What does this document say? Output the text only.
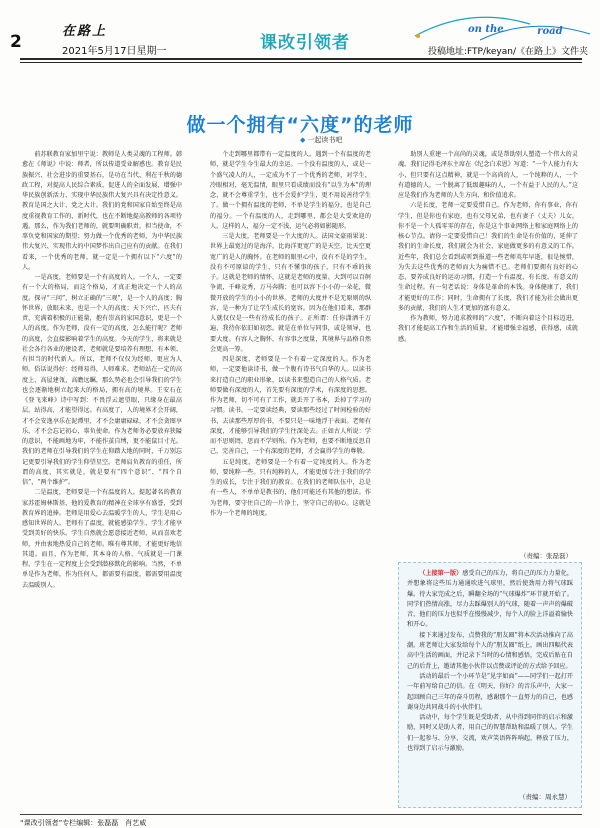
2
在路上
2021年5月17日星期一	课改引领者
on the	road
投稿地址:FTP/keyan/《在路上》文件夹
做一个拥有“六度”的老师
◆ 一起读书吧

前苏联教育家加里宁说：教师是人类灵魂的工程师。韩愈在《师说》中说：师者，所以传道受业解惑也。教育是民族振兴、社会进步的重要基石，是功在当代、利在千秋的德政工程，对提高人民综合素质、促进人的全面发展、增强中华民族创新活力、实现中华民族伟大复兴具有决定性意义。教育是国之大计、党之大计。我们的党和国家自始至终是高度重视教育工作的，新时代，也在不断地提高教师的各项待遇。那么，作为我们老师的，就要明确职责，担当使命，不辜负党和国家的期望；努力做一个优秀的老师，为中华民族伟大复兴、实现伟大的中国梦作出自己应有的贡献。在我们看来，一个优秀的老师，就一定是一个拥有以下“六度”的人。

一是高度，老师要是一个有高度的人。一个人，一定要有一个大的格局，而这个格局，才真正地决定一个人的高度。探寻“三问”，树立正确的“三观”，是一个人的高度；胸怀世界，放眼未来，也是一个人的高度；天下兴亡，匹夫有责，充满着积极的正能量，抱有崇高的家国意识，更是一个人的高度。作为老师，没有一定的高度，怎么能行呢？老师的高度，会直接影响着学生的高度。今天的学生，将来就是社会各行各业的建设者，老师就是要培养有理想、有本领、有担当的时代新人。所以，老师不仅仅为经师，更应为人师。俗话说得好：经师易得，人师难求。老师站在一定的高度上，高屋建瓴，高瞻远瞩，那么势必也会引导我们的学生也会逐渐地树立起来大的格局，拥有高的境界。王安石在《登飞来峰》诗中写到：不畏浮云遮望眼，只缘身在最高层。站得高，才能望得远。有高度了，人的境界才会开阔，才不会安逸享乐在泥潭里，才不会庸庸碌碌，才不会贪图享乐，才不会忘记初心，辜负使命。作为老师务必要放弃狭隘的意识，不能画地为牢，不能作茧自缚，更不能鼠目寸光。我们的老师在引导我们的学生在仰踏大地的同时，千万别忘记更要引导我们的学生仰望星空。老师肩负教育的重任，所谓的高度，其实就是，就是要有“四个意识”、“四个自信”、“两个维护”。

二是温度，老师要是一个有温度的人。提起著名的教育家苏霍姆林斯基，他的爱教育的精神在全球享有盛誉，受到教育界的追捧。老师是用爱心去温暖学生的人，学生是用心感知世界的人。老师有了温度，就能感染学生，学生才能享受到美好的快乐。学生自然就会愿意接近老师，从而喜欢老师，并由衷地热爱自己的老师。唯有尊其师，才能更好地信其道。而且，作为老师，其本身的人格、气质就是一门课程，学生在一定程度上会受到潜移默化的影响。当然，不单单是作为老师，作为任何人，都需要有温度，都需要用温度去温暖别人。

个走到哪里都带有一定温度的人。遇到一个有温度的老师，就是学生今生最大的幸运。一个没有温度的人，或是一个盛气凌人的人，一定成为不了一个优秀的老师，对学生，冷眼相对，毫无温情，眼里只看成绩而没有“以生为本”的理念，就不会尊重学生，也不会爱护学生，更不用说善待学生了。做一个拥有温度的老师，不单是学生的福分，也是自己的福分。一个有温度的人，走到哪里，都会是大受欢迎的人。这样的人，福分一定不浅，运气必将如影随形。

三是大度，老师要是一个大度的人。法国文豪雨果说：世界上最宽过的是海洋，比海洋更宽广的是天空，比天空更宽广的是人的胸怀。在老师的眼里心中，没有不是的学生，没有不可原谅的学生，只有不懂事的孩子，只有不乖的孩子。这就是老师的情怀，这就是老师的度量。大到可以百舸争流，千峰竞秀，万马奔腾；也可以容下小小的一朵花，微微开放的学生的小小的世界。老师的大度并不是无原则的纵容，是一种为了让学生成长的宽容。因为在他们看来，那群人就仅仅是一些有待成长的孩子。正所谓：任你潇洒千万遍，我待你依旧如初恋。就是在单位与同事，或是领导，也要大度。有容人之胸怀，有容事之度量，其境界与品格自然会更高一筹。

四是深度，老师要是一个有着一定深度的人。作为老师，一定要他读诗书，做一个腹有诗书气自华的人。以读书来打造自己的职业形象，以读书来塑造自己的人格气质。老师要做有深度的人，首先要有深度的学术，有深度的思想。作为老师，切不可有了工作，就丢开了书本，丢掉了学习的习惯。读书，一定要读经典，要读那些经过了时间检验的好书，去读那些厚厚的书，不要只是一味地浮于表面。老师有深度，才能够引导我们的学生往深处去。正如古人所说：学而不思则罔，思而不学则殆。作为老师，也要不断地反思自己，完善自己，一个有深度的老师，才会赢得学生的尊敬。

五是纯度，老师要是一个有着一定纯度的人。作为老师，要纯粹一些。只有纯粹的人，才能更加专注于我们的学生的成长，专注于我们的教育。在我们的老师队伍中，总是有一些人，不单单是教书的，他们可能还有其他的想法。作为老师，要守住自己的一片净土，坚守自己的初心。这就是作为一个老师的纯度。

助别人重建一个高尚的灵魂，或是帮助别人塑造一个伟大的灵魂。我们记得毛泽东主席在《纪念白求恩》写道：“一个人能力有大小，但只要有这点精神，就是一个高尚的人，一个纯粹的人，一个有道德的人，一个脱离了低级趣味的人，一个有益于人民的人。”这应是我们作为老师的人生方向，和价值追求。

六是长度，老师一定要爱惜自己。作为老师，你有事业，你有学生，但是你也有家庭，也有父母兄弟，也有妻子（丈夫）儿女。你不是一个人孤零零的存在，你是这个事业网络上和家庭网络上的核心节点。请你一定要爱惜自己！我们的生命是有价值的，延伸了我们的生命长度，我们就会为社会、家庭做更多的有意义的工作。近些年，我们总会看到或听到报道一些老师英年早逝，很是惋惜，为失去这些优秀的老师而大为痛惜不已。老师们要拥有良好的心态，要养成良好的运动习惯，打造一个有温度、有长度、有意义的生命过程。有一句老话说：身体是革命的本钱。身体健康了，我们才能更好的工作；同时，生命拥有了长度，我们才能为社会做出更多的贡献，我们的人生才更加的富有意义。

作为教师，努力追求教师的“六度”，不断向着这个目标迈进，我们才能提高工作和生活的质量，才能增强幸福感，获得感，成就感。

（责编：张磊磊）

（上接第一版）感受自己的压力，将自己的压力力量化，并想象将这些压力通通吹进气球里，然后使劲用力将气球踩爆。待大家完成之后，瞬翻全场的“气球爆炸”环节就开始了。同学们热情高涨，尽力去踩爆别人的气球，随着一声声的爆破音，他们的压力也似乎在慢慢减少，每个人的脸上洋溢着愉快和开心。

接下来通过发布、点赞我的“朋友圈”将本次活动推向了高潮。班老师让大家发给每个人的“朋友圈”纸上，画出四幅代表高中生活的画面，并记录下当时的心情和感悟，完成后贴在自己的后背上，邀请其他小伙伴以点赞或评论的方式给予回应。

活动的最后一个小环节是“见字如面”——同学们一起打开一年前写给自己的信。在《明天，你好》的音乐声中，大家一起回顾自己三年的奋斗历程，感谢那个一直努力的自己，也感谢身边共同战斗的小伙伴们。

活动中，每个学生既是受助者，从中得到同伴的启示和激励，同时又是助人者，用自己的智慧帮助和温暖了别人。学生们一起参与、分享、交流，欢声笑语阵阵响起，释放了压力，也得到了启示与激励。

（责编：周永慧）
“课改引领者”专栏编辑：张磊磊　肖艺威
